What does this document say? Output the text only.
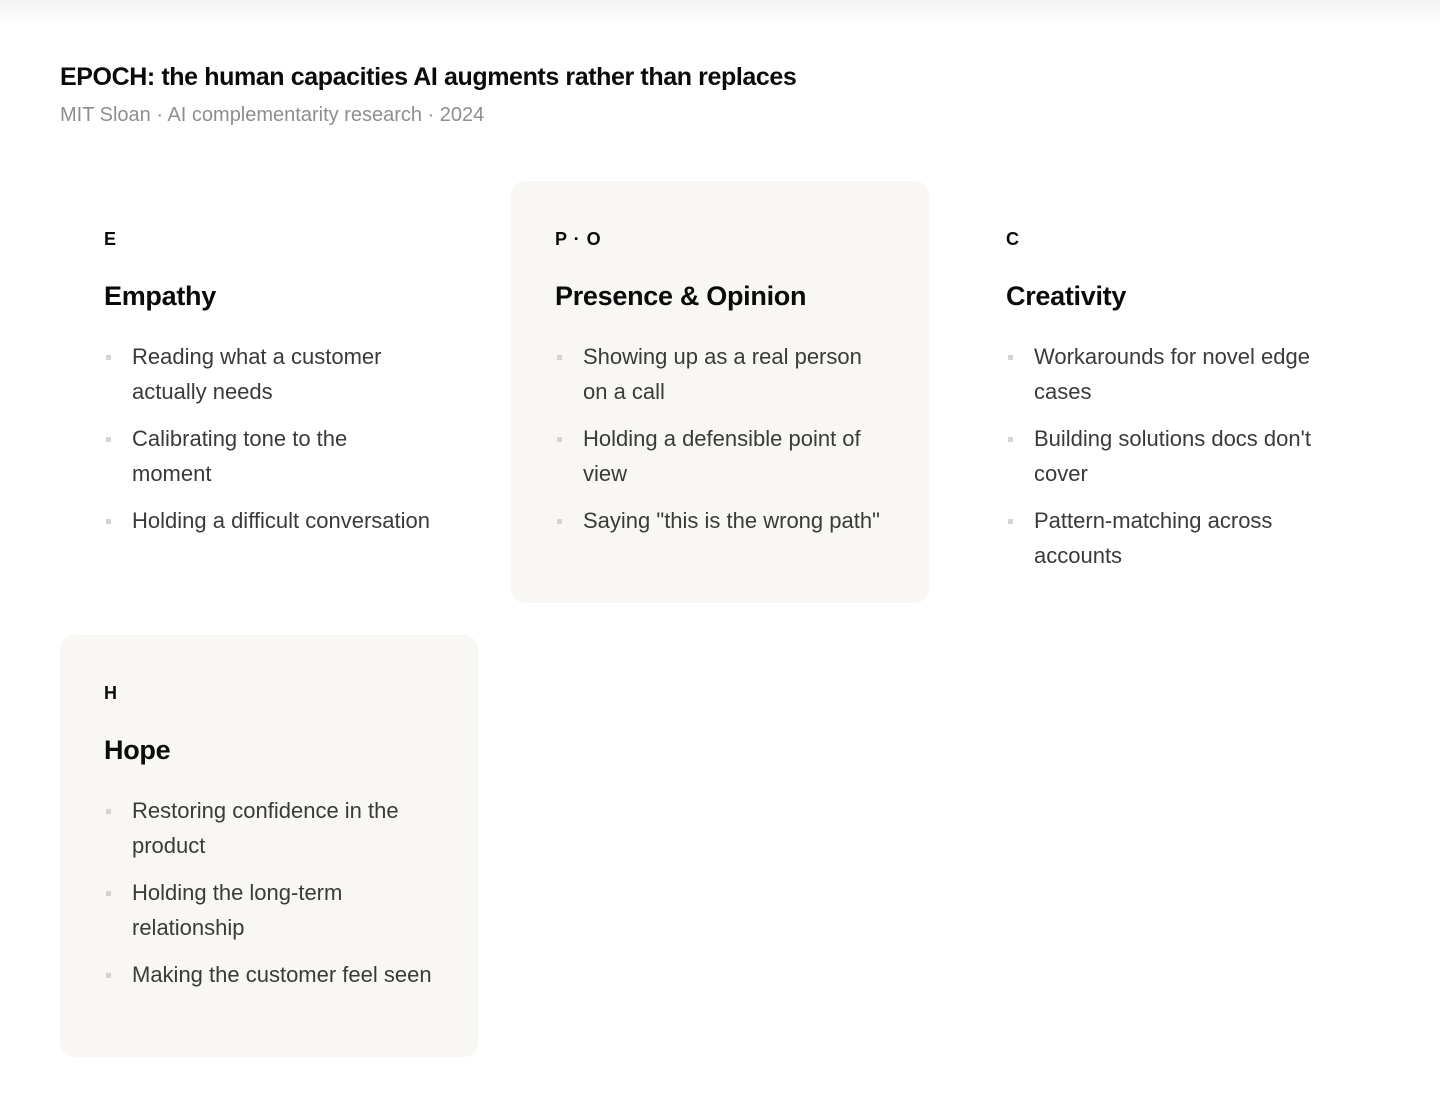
EPOCH: the human capacities AI augments rather than replaces

MIT Sloan · AI complementarity research · 2024

E
Empathy
Reading what a customer actually needs
Calibrating tone to the moment
Holding a difficult conversation
P · O
Presence & Opinion
Showing up as a real person on a call
Holding a defensible point of view
Saying "this is the wrong path"
C
Creativity
Workarounds for novel edge cases
Building solutions docs don't cover
Pattern-matching across accounts
H
Hope
Restoring confidence in the product
Holding the long-term relationship
Making the customer feel seen
